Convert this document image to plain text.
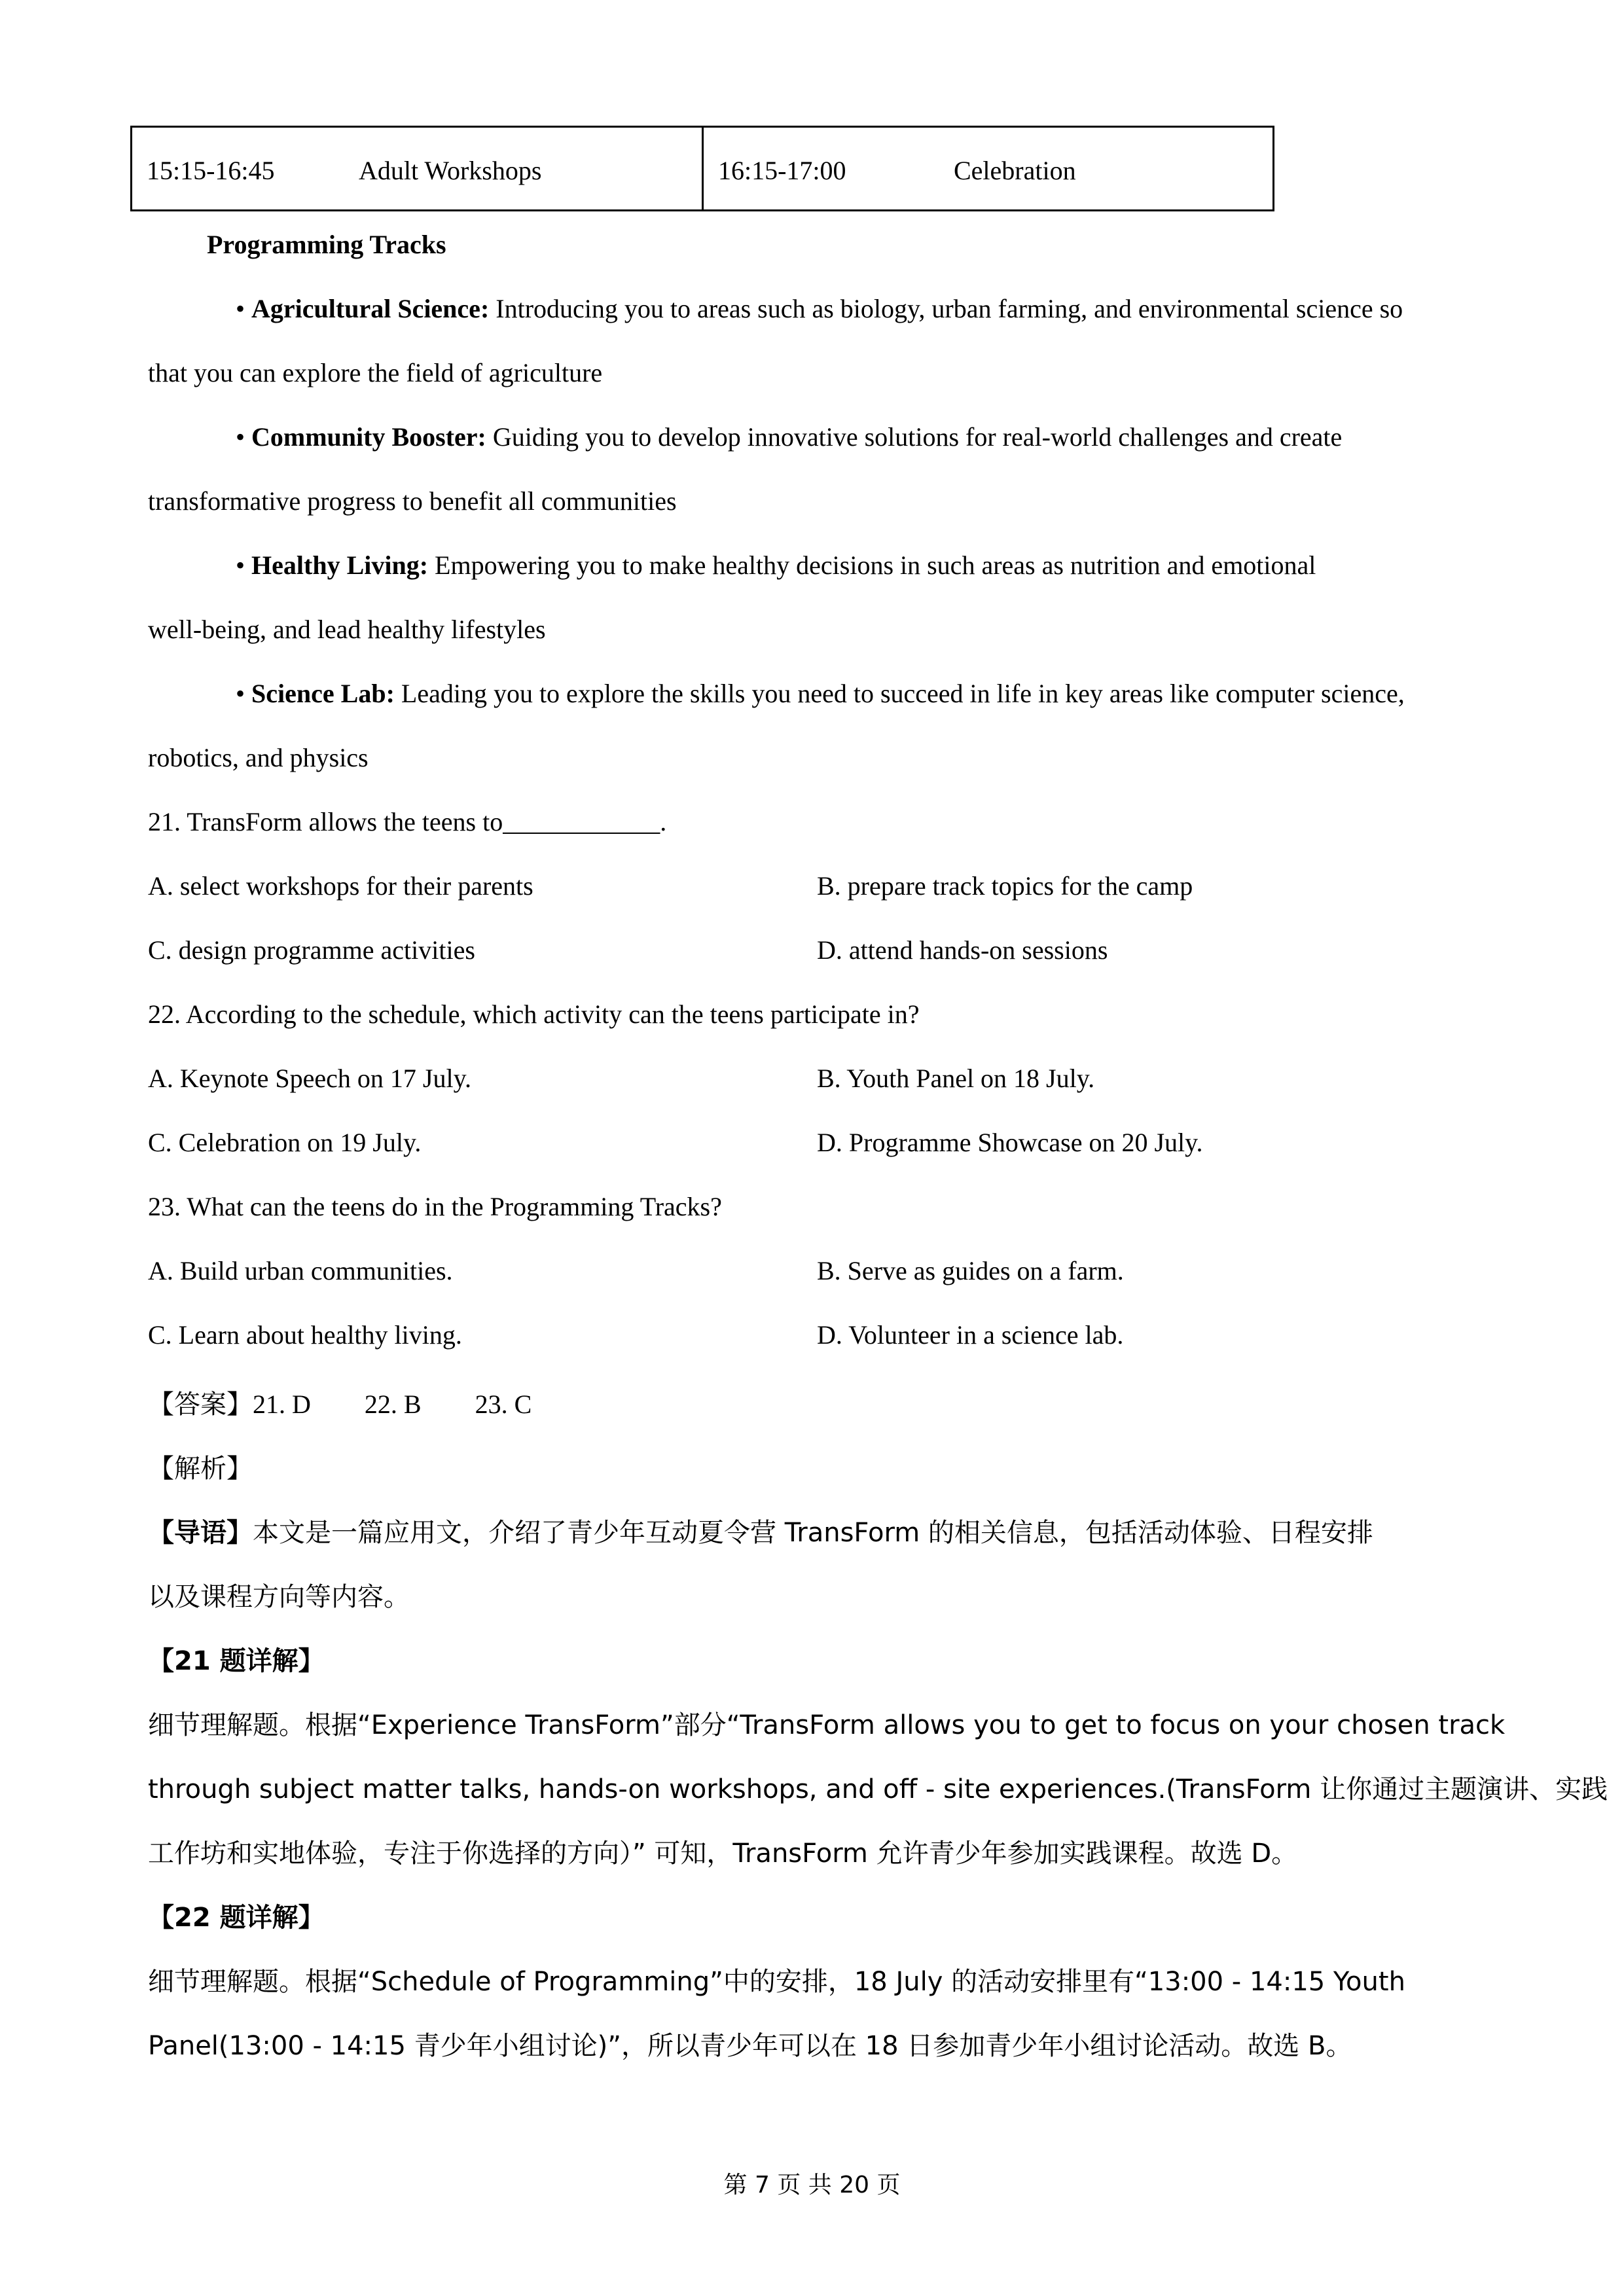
15:15-16:45	Adult Workshops	16:15-17:00	Celebration
Programming Tracks
• Agricultural Science: Introducing you to areas such as biology, urban farming, and environmental science so
that you can explore the field of agriculture
• Community Booster: Guiding you to develop innovative solutions for real-world challenges and create
transformative progress to benefit all communities
• Healthy Living: Empowering you to make healthy decisions in such areas as nutrition and emotional
well-being, and lead healthy lifestyles
• Science Lab: Leading you to explore the skills you need to succeed in life in key areas like computer science,
robotics, and physics
21. TransForm allows the teens to____________.
A. select workshops for their parents	B. prepare track topics for the camp
C. design programme activities	D. attend hands-on sessions
22. According to the schedule, which activity can the teens participate in?
A. Keynote Speech on 17 July.	B. Youth Panel on 18 July.
C. Celebration on 19 July.	D. Programme Showcase on 20 July.
23. What can the teens do in the Programming Tracks?
A. Build urban communities.	B. Serve as guides on a farm.
C. Learn about healthy living.	D. Volunteer in a science lab.
【答案】21. D 22. B 23. C
【解析】
【导语】本文是一篇应用文，介绍了青少年互动夏令营 TransForm 的相关信息，包括活动体验、日程安排
以及课程方向等内容。
【21 题详解】
细节理解题。根据“Experience TransForm”部分“TransForm allows you to get to focus on your chosen track
through subject matter talks, hands-on workshops, and off - site experiences.(TransForm 让你通过主题演讲、实践
工作坊和实地体验，专注于你选择的方向）” 可知，TransForm 允许青少年参加实践课程。故选 D。
【22 题详解】
细节理解题。根据“Schedule of Programming”中的安排，18 July 的活动安排里有“13:00 - 14:15 Youth
Panel(13:00 - 14:15 青少年小组讨论)”，所以青少年可以在 18 日参加青少年小组讨论活动。故选 B。
第 7 页 共 20 页
